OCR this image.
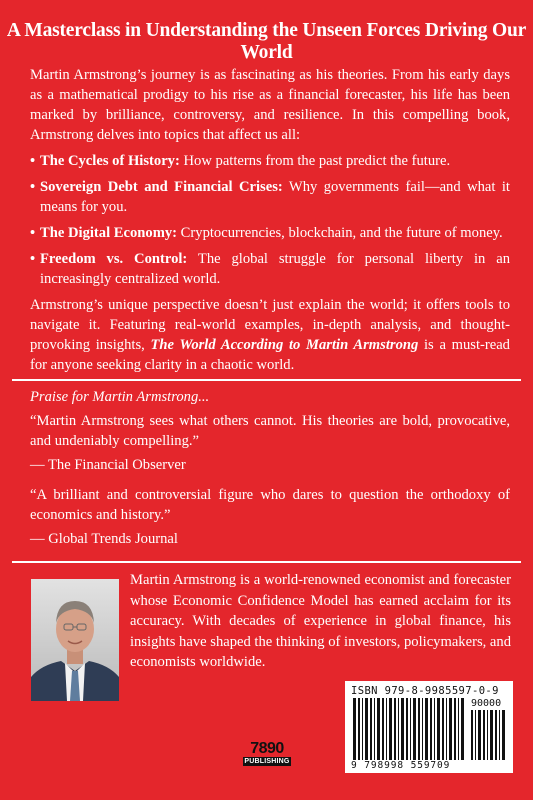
A Masterclass in Understanding the Unseen Forces Driving Our World

Martin Armstrong’s journey is as fascinating as his theories. From his early days as a mathematical prodigy to his rise as a financial forecaster, his life has been marked by brilliance, controversy, and resilience. In this compelling book, Armstrong delves into topics that affect us all:

• The Cycles of History: How patterns from the past predict the future.
• Sovereign Debt and Financial Crises: Why governments fail—and what it means for you.
• The Digital Economy: Cryptocurrencies, blockchain, and the future of money.
• Freedom vs. Control: The global struggle for personal liberty in an increasingly centralized world.

Armstrong’s unique perspective doesn’t just explain the world; it offers tools to navigate it. Featuring real-world examples, in-depth analysis, and thought-provoking insights, The World According to Martin Armstrong is a must-read for anyone seeking clarity in a chaotic world.

Praise for Martin Armstrong...

“Martin Armstrong sees what others cannot. His theories are bold, provocative, and undeniably compelling.”

— The Financial Observer

“A brilliant and controversial figure who dares to question the orthodoxy of economics and history.”

— Global Trends Journal

Martin Armstrong is a world-renowned economist and forecaster whose Economic Confidence Model has earned acclaim for its accuracy. With decades of experience in global finance, his insights have shaped the thinking of investors, policymakers, and economists worldwide.

7890
PUBLISHING
ISBN 979-8-9985597-0-9
90000
9 798998 559709
